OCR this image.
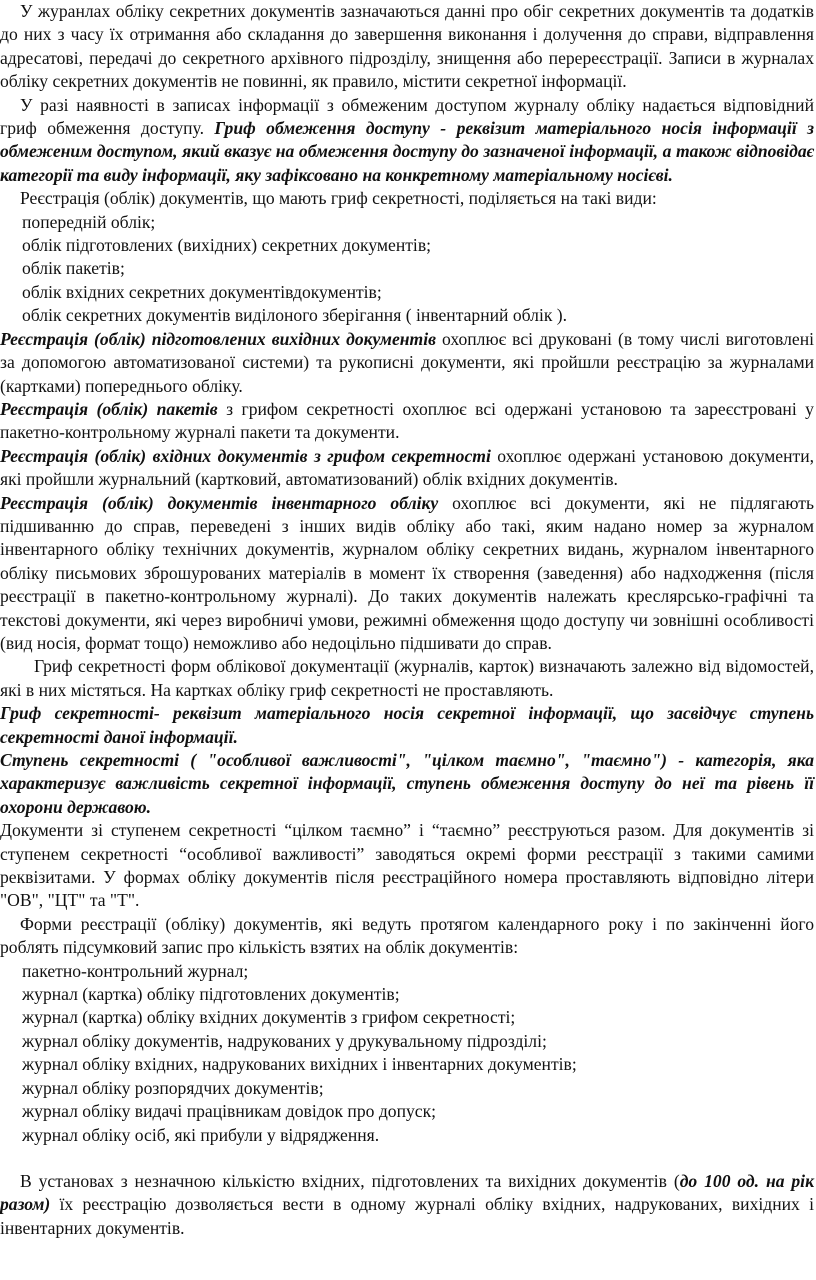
У журанлах обліку секретних документів зазначаються данні про обіг секретних документів та додатків до них з часу їх отримання або складання до завершення виконання і долучення до справи, відправлення адресатові, передачі до секретного архівного підрозділу, знищення або перереєстрації. Записи в журналах обліку секретних документів не повинні, як правило, містити секретної інформації.

У разі наявності в записах інформації з обмеженим доступом журналу обліку надається відповідний гриф обмеження доступу. Гриф обмеження доступу - реквізит матеріального носія інформації з обмеженим доступом, який вказує на обмеження доступу до зазначеної інформації, а також відповідає категорії та виду інформації, яку зафіксовано на конкретному матеріальному носієві.

Реєстрація (облік) документів, що мають гриф секретності, поділяється на такі види:

попередній облік;

облік підготовлених (вихідних) секретних документів;

облік пакетів;

облік вхідних секретних документівдокументів;

облік секретних документів виділоного зберігання ( інвентарний облік ).

Реєстрація (облік) підготовлених вихідних документів охоплює всі друковані (в тому числі виготовлені за допомогою автоматизованої системи) та рукописні документи, які пройшли реєстрацію за журналами (картками) попереднього обліку.

Реєстрація (облік) пакетів з грифом секретності охоплює всі одержані установою та зареєстровані у пакетно-контрольному журналі пакети та документи.

Реєстрація (облік) вхідних документів з грифом секретності охоплює одержані установою документи, які пройшли журнальний (картковий, автоматизований) облік вхідних документів.

Реєстрація (облік) документів інвентарного обліку охоплює всі документи, які не підлягають підшиванню до справ, переведені з інших видів обліку або такі, яким надано номер за журналом інвентарного обліку технічних документів, журналом обліку секретних видань, журналом інвентарного обліку письмових зброшурованих матеріалів в момент їх створення (заведення) або надходження (після реєстрації в пакетно-контрольному журналі). До таких документів належать креслярсько-графічні та текстові документи, які через виробничі умови, режимні обмеження щодо доступу чи зовнішні особливості (вид носія, формат тощо) неможливо або недоцільно підшивати до справ.

Гриф секретності форм облікової документації (журналів, карток) визначають залежно від відомостей, які в них містяться. На картках обліку гриф секретності не проставляють.

Гриф секретності- реквізит матеріального носія секретної інформації, що засвідчує ступень секретності даної інформації.

Ступень секретності ( "особливої важливості", "цілком таємно", "таємно") - категорія, яка характеризує важливість секретної інформації, ступень обмеження доступу до неї та рівень її охорони державою.

Документи зі ступенем секретності “цілком таємно” і “таємно” реєструються разом. Для документів зі ступенем секретності “особливої важливості” заводяться окремі форми реєстрації з такими самими реквізитами. У формах обліку документів після реєстраційного номера проставляють відповідно літери "ОВ", "ЦТ" та "Т".

Форми реєстрації (обліку) документів, які ведуть протягом календарного року і по закінченні його роблять підсумковий запис про кількість взятих на облік документів:

пакетно-контрольний журнал;

журнал (картка) обліку підготовлених документів;

журнал (картка) обліку вхідних документів з грифом секретності;

журнал обліку документів, надрукованих у друкувальному підрозділі;

журнал обліку вхідних, надрукованих вихідних і інвентарних документів;

журнал обліку розпорядчих документів;

журнал обліку видачі працівникам довідок про допуск;

журнал обліку осіб, які прибули у відрядження.

В установах з незначною кількістю вхідних, підготовлених та вихідних документів (до 100 од. на рік разом) їх реєстрацію дозволяється вести в одному журналі обліку вхідних, надрукованих, вихідних і інвентарних документів.
